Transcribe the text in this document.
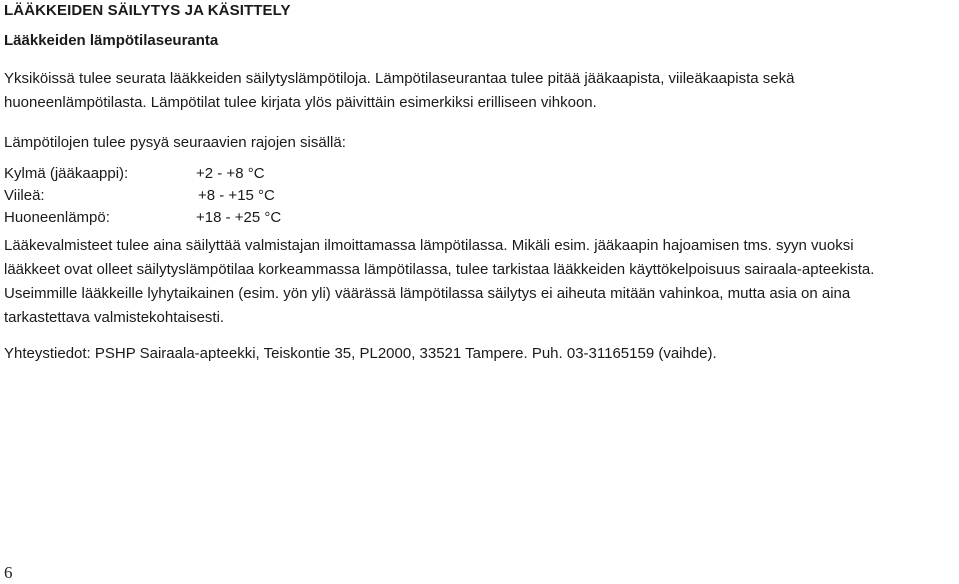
LÄÄKKEIDEN SÄILYTYS JA KÄSITTELY
Lääkkeiden lämpötilaseuranta
Yksiköissä tulee seurata lääkkeiden säilytyslämpötiloja. Lämpötilaseurantaa tulee pitää jääkaapista, viileäkaapista sekä
huoneenlämpötilasta. Lämpötilat tulee kirjata ylös päivittäin esimerkiksi erilliseen vihkoon.
Lämpötilojen tulee pysyä seuraavien rajojen sisällä:
Kylmä (jääkaappi):	+2 - +8 °C
Viileä:	+8 - +15 °C
Huoneenlämpö:	+18 - +25 °C
Lääkevalmisteet tulee aina säilyttää valmistajan ilmoittamassa lämpötilassa. Mikäli esim. jääkaapin hajoamisen tms. syyn vuoksi
lääkkeet ovat olleet säilytyslämpötilaa korkeammassa lämpötilassa, tulee tarkistaa lääkkeiden käyttökelpoisuus sairaala-apteekista.
Useimmille lääkkeille lyhytaikainen (esim. yön yli) väärässä lämpötilassa säilytys ei aiheuta mitään vahinkoa, mutta asia on aina
tarkastettava valmistekohtaisesti.
Yhteystiedot: PSHP Sairaala-apteekki, Teiskontie 35, PL2000, 33521 Tampere. Puh. 03-31165159 (vaihde).
6
